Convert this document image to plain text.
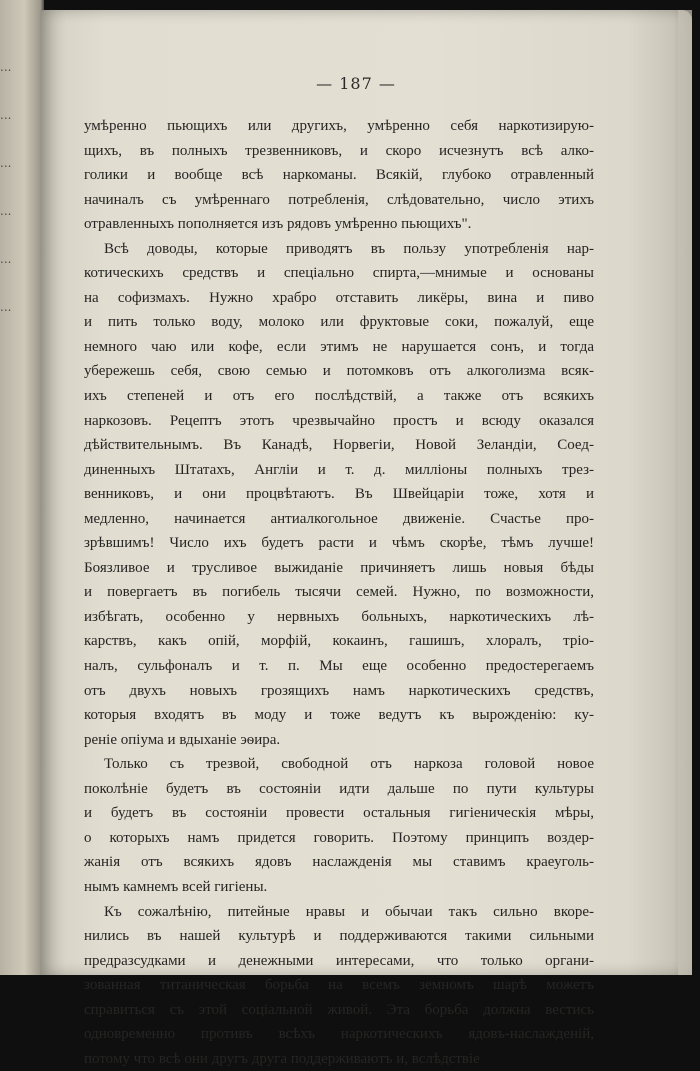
...
...
...
...
...
...
— 187 —
умѣренно пьющихъ или другихъ, умѣренно себя наркотизирую-
щихъ, въ полныхъ трезвенниковъ, и скоро исчезнутъ всѣ алко-
голики и вообще всѣ наркоманы. Всякій, глубоко отравленный
начиналъ съ умѣреннаго потребленія, слѣдовательно, число этихъ
отравленныхъ пополняется изъ рядовъ умѣренно пьющихъ".
Всѣ доводы, которые приводятъ въ пользу употребленія нар-
котическихъ средствъ и спеціально спирта,—мнимые и основаны
на софизмахъ. Нужно храбро отставить ликёры, вина и пиво
и пить только воду, молоко или фруктовые соки, пожалуй, еще
немного чаю или кофе, если этимъ не нарушается сонъ, и тогда
убережешь себя, свою семью и потомковъ отъ алкоголизма всяк-
ихъ степеней и отъ его послѣдствій, а также отъ всякихъ
наркозовъ. Рецептъ этотъ чрезвычайно простъ и всюду оказался
дѣйствительнымъ. Въ Канадѣ, Норвегіи, Новой Зеландіи, Соед-
диненныхъ Штатахъ, Англіи и т. д. милліоны полныхъ трез-
венниковъ, и они процвѣтаютъ. Въ Швейцаріи тоже, хотя и
медленно, начинается антиалкогольное движеніе. Счастье про-
зрѣвшимъ! Число ихъ будетъ расти и чѣмъ скорѣе, тѣмъ лучше!
Боязливое и трусливое выжиданіе причиняетъ лишь новыя бѣды
и повергаетъ въ погибель тысячи семей. Нужно, по возможности,
избѣгать, особенно у нервныхъ больныхъ, наркотическихъ лѣ-
карствъ, какъ опій, морфій, кокаинъ, гашишъ, хлоралъ, тріо-
налъ, сульфоналъ и т. п. Мы еще особенно предостерегаемъ
отъ двухъ новыхъ грозящихъ намъ наркотическихъ средствъ,
которыя входятъ въ моду и тоже ведутъ къ вырожденію: ку-
реніе опіума и вдыханіе эѳира.
Только съ трезвой, свободной отъ наркоза головой новое
поколѣніе будетъ въ состояніи идти дальше по пути культуры
и будетъ въ состояніи провести остальныя гигіеническія мѣры,
о которыхъ намъ придется говорить. Поэтому принципъ воздер-
жанія отъ всякихъ ядовъ наслажденія мы ставимъ краеуголь-
нымъ камнемъ всей гигіены.
Къ сожалѣнію, питейные нравы и обычаи такъ сильно вкоре-
нились въ нашей культурѣ и поддерживаются такими сильными
предразсудками и денежными интересами, что только органи-
зованная титаническая борьба на всемъ земномъ шарѣ можетъ
справиться съ этой соціальной живой. Эта борьба должна вестись
одновременно противъ всѣхъ наркотическихъ ядовъ-наслажденій,
потому что всѣ они другъ друга поддерживаютъ и, вслѣдствіе
